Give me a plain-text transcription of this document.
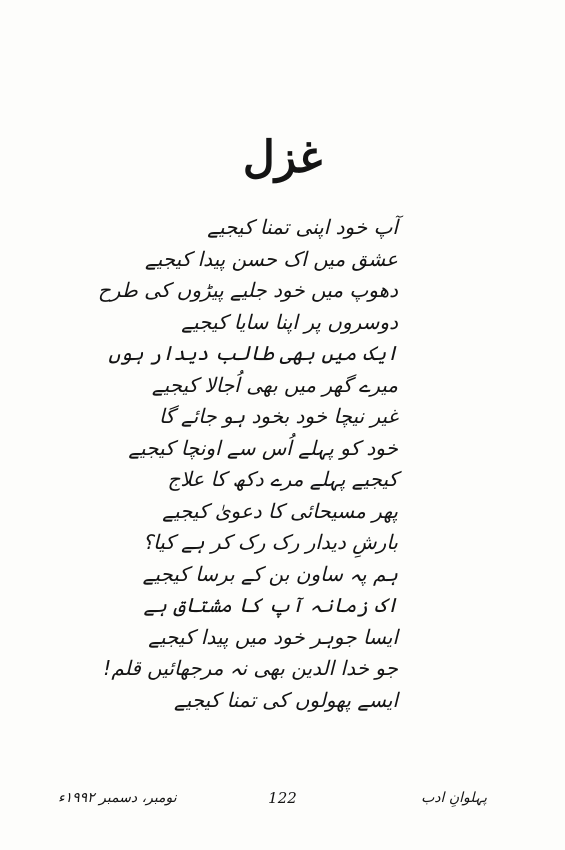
غزل
آپ خود اپنی تمنا کیجیے
عشق میں اک حسن پیدا کیجیے
دھوپ میں خود جلیے پیڑوں کی طرح
دوسروں پر اپنا سایا کیجیے
ایک میں بھی طالب دیدار ہوں
میرے گھر میں بھی اُجالا کیجیے
غیر نیچا خود بخود ہو جائے گا
خود کو پہلے اُس سے اونچا کیجیے
کیجیے پہلے مرے دکھ کا علاج
پھر مسیحائی کا دعویٰ کیجیے
بارشِ دیدار رک رک کر ہے کیا؟
ہم پہ ساون بن کے برسا کیجیے
اک زمانہ آپ کا مشتاق ہے
ایسا جوہر خود میں پیدا کیجیے
جو خدا الدین بھی نہ مرجھائیں قلم!
ایسے پھولوں کی تمنا کیجیے
نومبر، دسمبر ۱۹۹۲ء	122	پہلوانِ ادب
